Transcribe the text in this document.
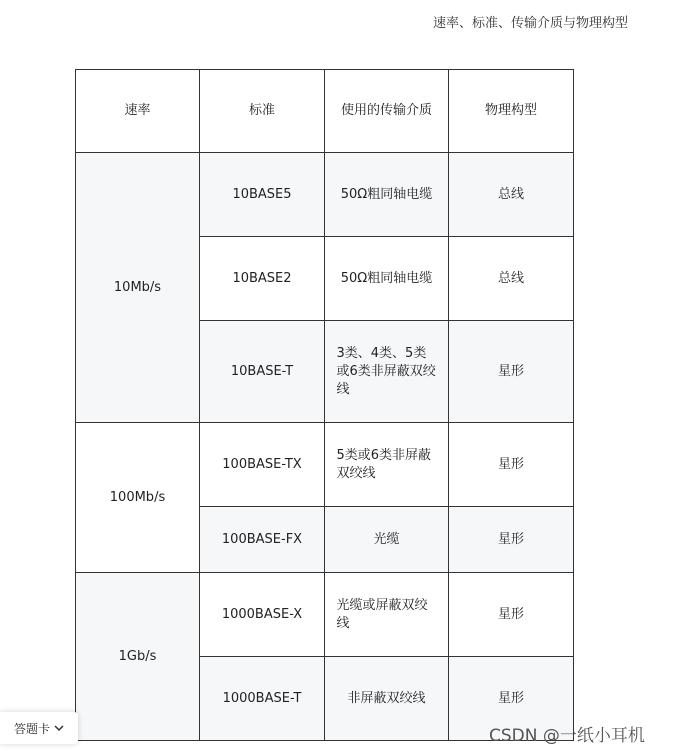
速率、标准、传输介质与物理构型
速率	标准	使用的传输介质	物理构型
10Mb/s	10BASE5	50Ω粗同轴电缆	总线
	10BASE2	50Ω粗同轴电缆	总线
	10BASE-T	3类、4类、5类或6类非屏蔽双绞线	星形
100Mb/s	100BASE-TX	5类或6类非屏蔽双绞线	星形
	100BASE-FX	光缆	星形
1Gb/s	1000BASE-X	光缆或屏蔽双绞线	星形
	1000BASE-T	非屏蔽双绞线	星形
答题卡	CSDN @一纸小耳机
